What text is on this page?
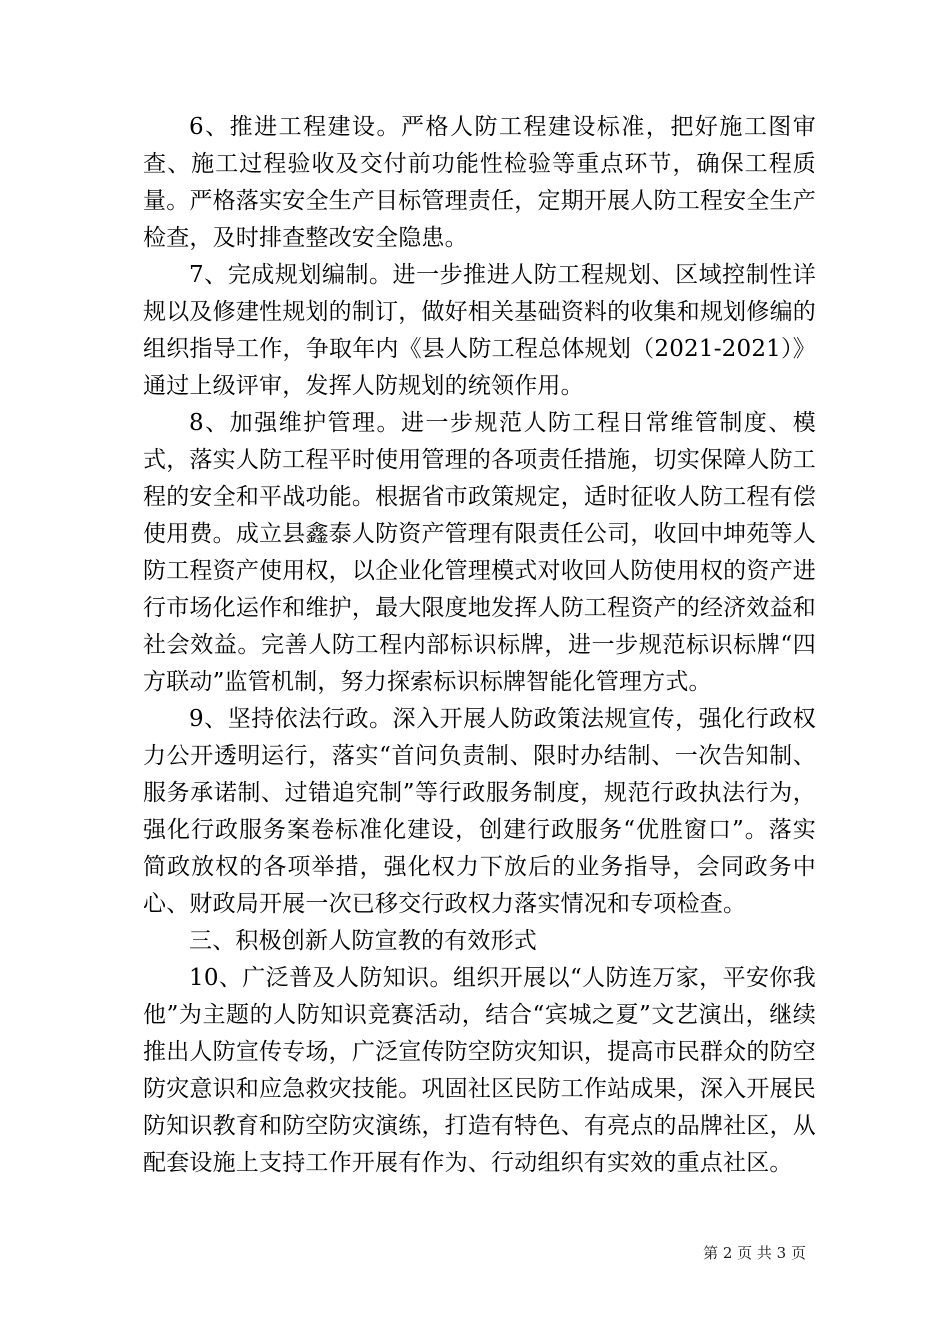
6、推进工程建设。严格人防工程建设标准，把好施工图审查、施工过程验收及交付前功能性检验等重点环节，确保工程质量。严格落实安全生产目标管理责任，定期开展人防工程安全生产检查，及时排查整改安全隐患。

7、完成规划编制。进一步推进人防工程规划、区域控制性详规以及修建性规划的制订，做好相关基础资料的收集和规划修编的组织指导工作，争取年内《县人防工程总体规划（2021-2021）》通过上级评审，发挥人防规划的统领作用。

8、加强维护管理。进一步规范人防工程日常维管制度、模式，落实人防工程平时使用管理的各项责任措施，切实保障人防工程的安全和平战功能。根据省市政策规定，适时征收人防工程有偿使用费。成立县鑫泰人防资产管理有限责任公司，收回中坤苑等人防工程资产使用权，以企业化管理模式对收回人防使用权的资产进行市场化运作和维护，最大限度地发挥人防工程资产的经济效益和社会效益。完善人防工程内部标识标牌，进一步规范标识标牌“四方联动”监管机制，努力探索标识标牌智能化管理方式。

9、坚持依法行政。深入开展人防政策法规宣传，强化行政权力公开透明运行，落实“首问负责制、限时办结制、一次告知制、服务承诺制、过错追究制”等行政服务制度，规范行政执法行为，强化行政服务案卷标准化建设，创建行政服务“优胜窗口”。落实简政放权的各项举措，强化权力下放后的业务指导，会同政务中心、财政局开展一次已移交行政权力落实情况和专项检查。

三、积极创新人防宣教的有效形式

10、广泛普及人防知识。组织开展以“人防连万家，平安你我他”为主题的人防知识竞赛活动，结合“宾城之夏”文艺演出，继续推出人防宣传专场，广泛宣传防空防灾知识，提高市民群众的防空防灾意识和应急救灾技能。巩固社区民防工作站成果，深入开展民防知识教育和防空防灾演练，打造有特色、有亮点的品牌社区，从配套设施上支持工作开展有作为、行动组织有实效的重点社区。

第 2 页 共 3 页
